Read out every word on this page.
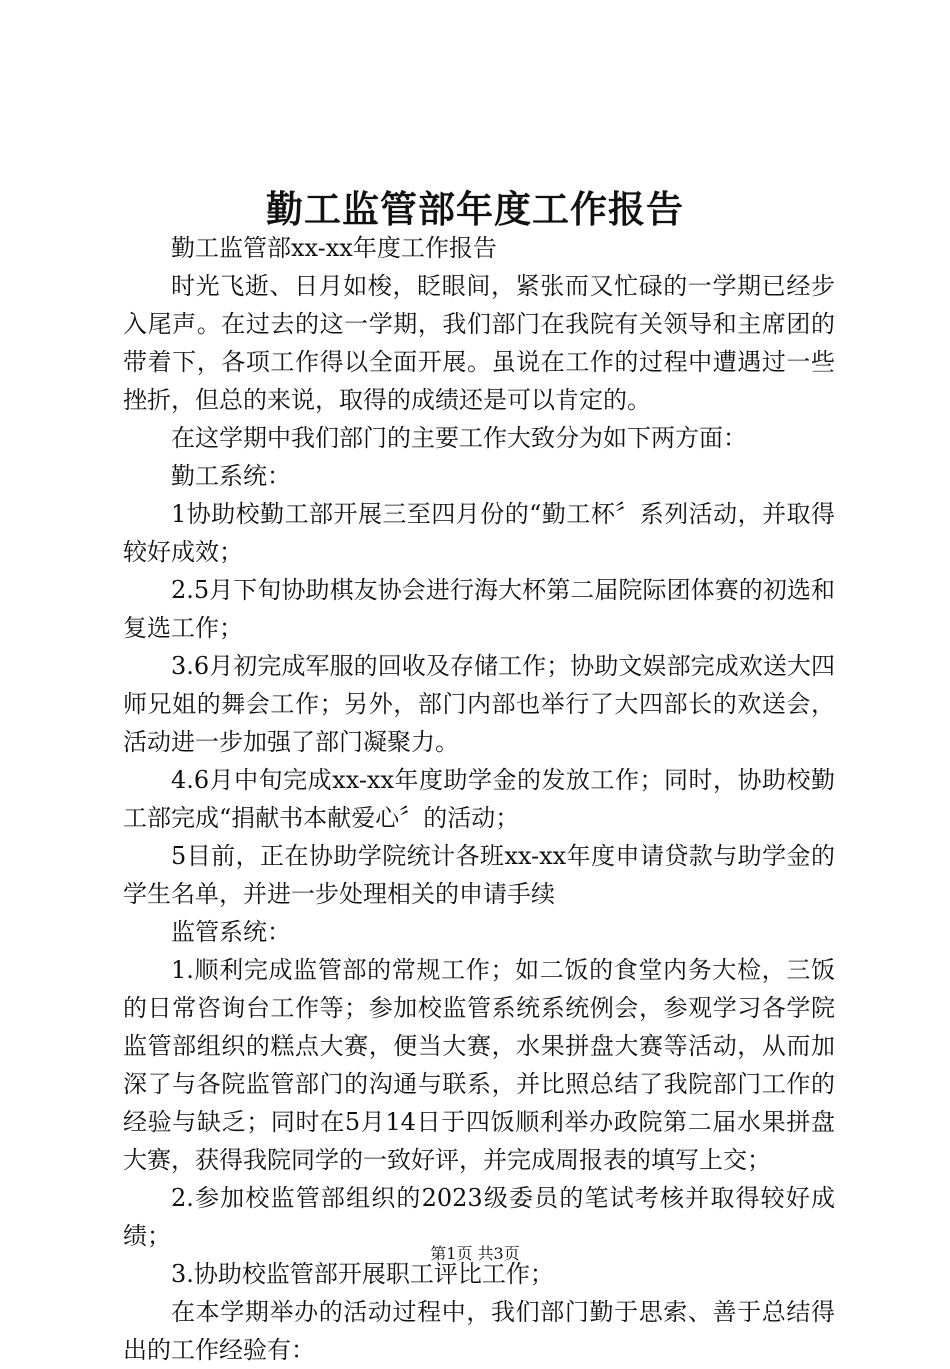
勤工监管部年度工作报告

勤工监管部xx-xx年度工作报告

时光飞逝、日月如梭，眨眼间，紧张而又忙碌的一学期已经步入尾声。在过去的这一学期，我们部门在我院有关领导和主席团的带着下，各项工作得以全面开展。虽说在工作的过程中遭遇过一些挫折，但总的来说，取得的成绩还是可以肯定的。

在这学期中我们部门的主要工作大致分为如下两方面：

勤工系统：

1协助校勤工部开展三至四月份的“勤工杯〞系列活动，并取得较好成效；

2.5月下旬协助棋友协会进行海大杯第二届院际团体赛的初选和复选工作；

3.6月初完成军服的回收及存储工作；协助文娱部完成欢送大四师兄姐的舞会工作；另外，部门内部也举行了大四部长的欢送会，活动进一步加强了部门凝聚力。

4.6月中旬完成xx-xx年度助学金的发放工作；同时，协助校勤工部完成“捐献书本献爱心〞的活动；

5目前，正在协助学院统计各班xx-xx年度申请贷款与助学金的学生名单，并进一步处理相关的申请手续

监管系统：

1.顺利完成监管部的常规工作；如二饭的食堂内务大检，三饭的日常咨询台工作等；参加校监管系统系统例会，参观学习各学院监管部组织的糕点大赛，便当大赛，水果拼盘大赛等活动，从而加深了与各院监管部门的沟通与联系，并比照总结了我院部门工作的经验与缺乏；同时在5月14日于四饭顺利举办政院第二届水果拼盘大赛，获得我院同学的一致好评，并完成周报表的填写上交；

2.参加校监管部组织的2023级委员的笔试考核并取得较好成绩；

3.协助校监管部开展职工评比工作；

在本学期举办的活动过程中，我们部门勤于思索、善于总结得出的工作经验有：

第1页 共3页
